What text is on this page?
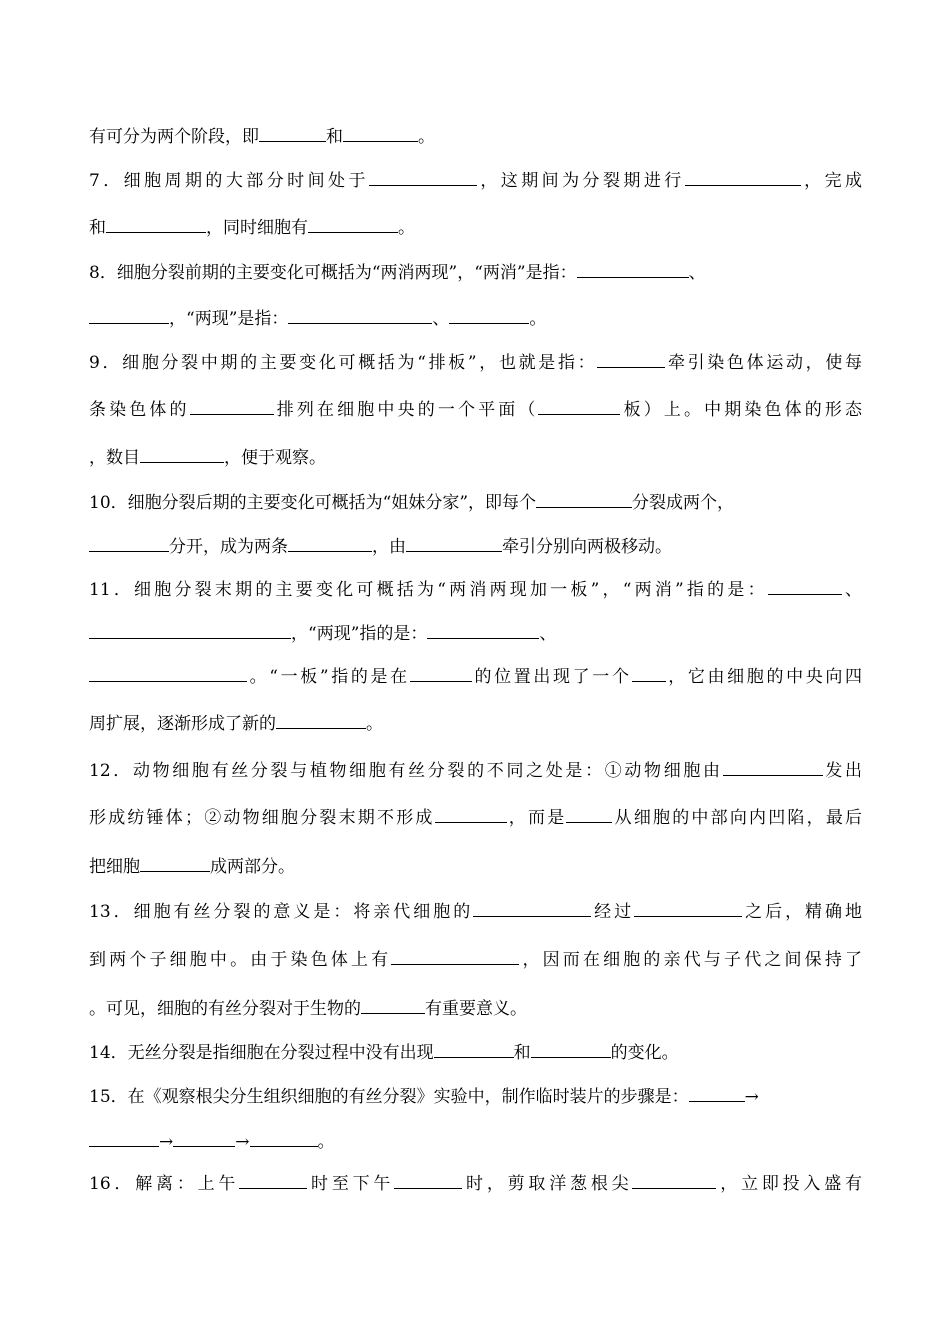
有可分为两个阶段，即	和	。
7．细胞周期的大部分时间处于	，这期间为分裂期进行	，完成
和	，同时细胞有	。
8．细胞分裂前期的主要变化可概括为“两消两现”，“两消”是指：	、
，“两现”是指：	、	。
9．细胞分裂中期的主要变化可概括为“排板”，也就是指：	牵引染色体运动，使每
条染色体的	排列在细胞中央的一个平面（	板）上。中期染色体的形态
，数目	，便于观察。
10．细胞分裂后期的主要变化可概括为“姐妹分家”，即每个	分裂成两个，
分开，成为两条	，由	牵引分别向两极移动。
11．细胞分裂末期的主要变化可概括为“两消两现加一板”，“两消”指的是：	、
，“两现”指的是：	、
。“一板”指的是在	的位置出现了一个 ，它由细胞的中央向四
周扩展，逐渐形成了新的	。
12．动物细胞有丝分裂与植物细胞有丝分裂的不同之处是：①动物细胞由	发出
形成纺锤体；②动物细胞分裂末期不形成	，而是	从细胞的中部向内凹陷，最后
把细胞	成两部分。
13．细胞有丝分裂的意义是：将亲代细胞的	经过	之后，精确地
到两个子细胞中。由于染色体上有	，因而在细胞的亲代与子代之间保持了
。可见，细胞的有丝分裂对于生物的	有重要意义。
14．无丝分裂是指细胞在分裂过程中没有出现	和	的变化。
15．在《观察根尖分生组织细胞的有丝分裂》实验中，制作临时装片的步骤是：	→
→	→	。
16．解离：上午	时至下午	时，剪取洋葱根尖	，立即投入盛有
